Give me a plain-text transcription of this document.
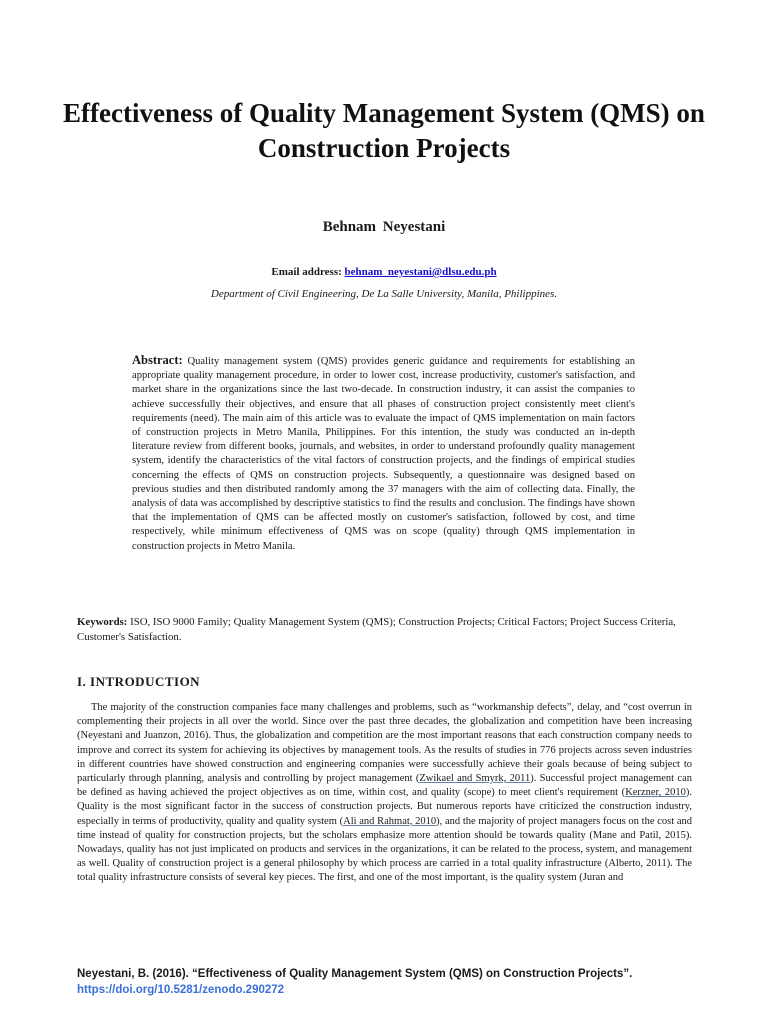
Effectiveness of Quality Management System (QMS) on Construction Projects
Behnam Neyestani
Email address: behnam_neyestani@dlsu.edu.ph
Department of Civil Engineering, De La Salle University, Manila, Philippines.

Abstract: Quality management system (QMS) provides generic guidance and requirements for establishing an appropriate quality management procedure, in order to lower cost, increase productivity, customer's satisfaction, and market share in the organizations since the last two-decade. In construction industry, it can assist the companies to achieve successfully their objectives, and ensure that all phases of construction project consistently meet client's requirements (need). The main aim of this article was to evaluate the impact of QMS implementation on main factors of construction projects in Metro Manila, Philippines. For this intention, the study was conducted an in-depth literature review from different books, journals, and websites, in order to understand profoundly quality management system, identify the characteristics of the vital factors of construction projects, and the findings of empirical studies concerning the effects of QMS on construction projects. Subsequently, a questionnaire was designed based on previous studies and then distributed randomly among the 37 managers with the aim of collecting data. Finally, the analysis of data was accomplished by descriptive statistics to find the results and conclusion. The findings have shown that the implementation of QMS can be affected mostly on customer's satisfaction, followed by cost, and time respectively, while minimum effectiveness of QMS was on scope (quality) through QMS implementation in construction projects in Metro Manila.

Keywords: ISO, ISO 9000 Family; Quality Management System (QMS); Construction Projects; Critical Factors; Project Success Criteria, Customer's Satisfaction.

I. INTRODUCTION

The majority of the construction companies face many challenges and problems, such as “workmanship defects”, delay, and “cost overrun in complementing their projects in all over the world. Since over the past three decades, the globalization and competition have been increasing (Neyestani and Juanzon, 2016). Thus, the globalization and competition are the most important reasons that each construction company needs to improve and correct its system for achieving its objectives by management tools. As the results of studies in 776 projects across seven industries in different countries have showed construction and engineering companies were successfully achieve their goals because of being subject to particularly through planning, analysis and controlling by project management (Zwikael and Smyrk, 2011). Successful project management can be defined as having achieved the project objectives as on time, within cost, and quality (scope) to meet client's requirement (Kerzner, 2010). Quality is the most significant factor in the success of construction projects. But numerous reports have criticized the construction industry, especially in terms of productivity, quality and quality system (Ali and Rahmat, 2010), and the majority of project managers focus on the cost and time instead of quality for construction projects, but the scholars emphasize more attention should be towards quality (Mane and Patil, 2015). Nowadays, quality has not just implicated on products and services in the organizations, it can be related to the process, system, and management as well. Quality of construction project is a general philosophy by which process are carried in a total quality infrastructure (Alberto, 2011). The total quality infrastructure consists of several key pieces. The first, and one of the most important, is the quality system (Juran and

Neyestani, B. (2016). “Effectiveness of Quality Management System (QMS) on Construction Projects”. https://doi.org/10.5281/zenodo.290272
